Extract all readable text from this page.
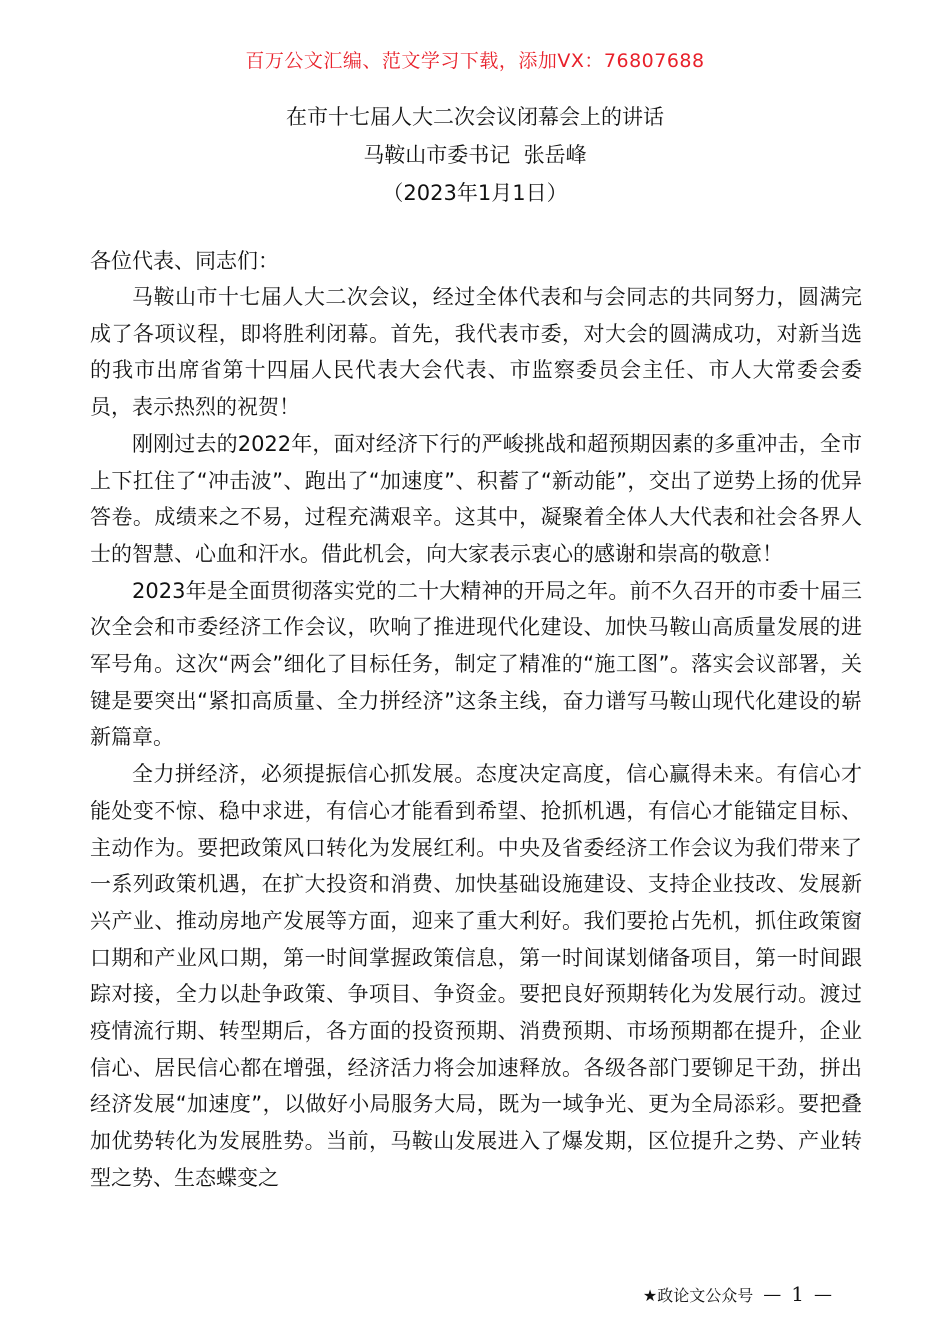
百万公文汇编、范文学习下载，添加VX：76807688
在市十七届人大二次会议闭幕会上的讲话
马鞍山市委书记  张岳峰
（2023年1月1日）
各位代表、同志们：

马鞍山市十七届人大二次会议，经过全体代表和与会同志的共同努力，圆满完成了各项议程，即将胜利闭幕。首先，我代表市委，对大会的圆满成功，对新当选的我市出席省第十四届人民代表大会代表、市监察委员会主任、市人大常委会委员，表示热烈的祝贺！

刚刚过去的2022年，面对经济下行的严峻挑战和超预期因素的多重冲击，全市上下扛住了“冲击波”、跑出了“加速度”、积蓄了“新动能”，交出了逆势上扬的优异答卷。成绩来之不易，过程充满艰辛。这其中，凝聚着全体人大代表和社会各界人士的智慧、心血和汗水。借此机会，向大家表示衷心的感谢和崇高的敬意！

2023年是全面贯彻落实党的二十大精神的开局之年。前不久召开的市委十届三次全会和市委经济工作会议，吹响了推进现代化建设、加快马鞍山高质量发展的进军号角。这次“两会”细化了目标任务，制定了精准的“施工图”。落实会议部署，关键是要突出“紧扣高质量、全力拼经济”这条主线，奋力谱写马鞍山现代化建设的崭新篇章。

全力拼经济，必须提振信心抓发展。态度决定高度，信心赢得未来。有信心才能处变不惊、稳中求进，有信心才能看到希望、抢抓机遇，有信心才能锚定目标、主动作为。要把政策风口转化为发展红利。中央及省委经济工作会议为我们带来了一系列政策机遇，在扩大投资和消费、加快基础设施建设、支持企业技改、发展新兴产业、推动房地产发展等方面，迎来了重大利好。我们要抢占先机，抓住政策窗口期和产业风口期，第一时间掌握政策信息，第一时间谋划储备项目，第一时间跟踪对接，全力以赴争政策、争项目、争资金。要把良好预期转化为发展行动。渡过疫情流行期、转型期后，各方面的投资预期、消费预期、市场预期都在提升，企业信心、居民信心都在增强，经济活力将会加速释放。各级各部门要铆足干劲，拼出经济发展“加速度”，以做好小局服务大局，既为一域争光、更为全局添彩。要把叠加优势转化为发展胜势。当前，马鞍山发展进入了爆发期，区位提升之势、产业转型之势、生态蝶变之

★政论文公众号 — 1 —
